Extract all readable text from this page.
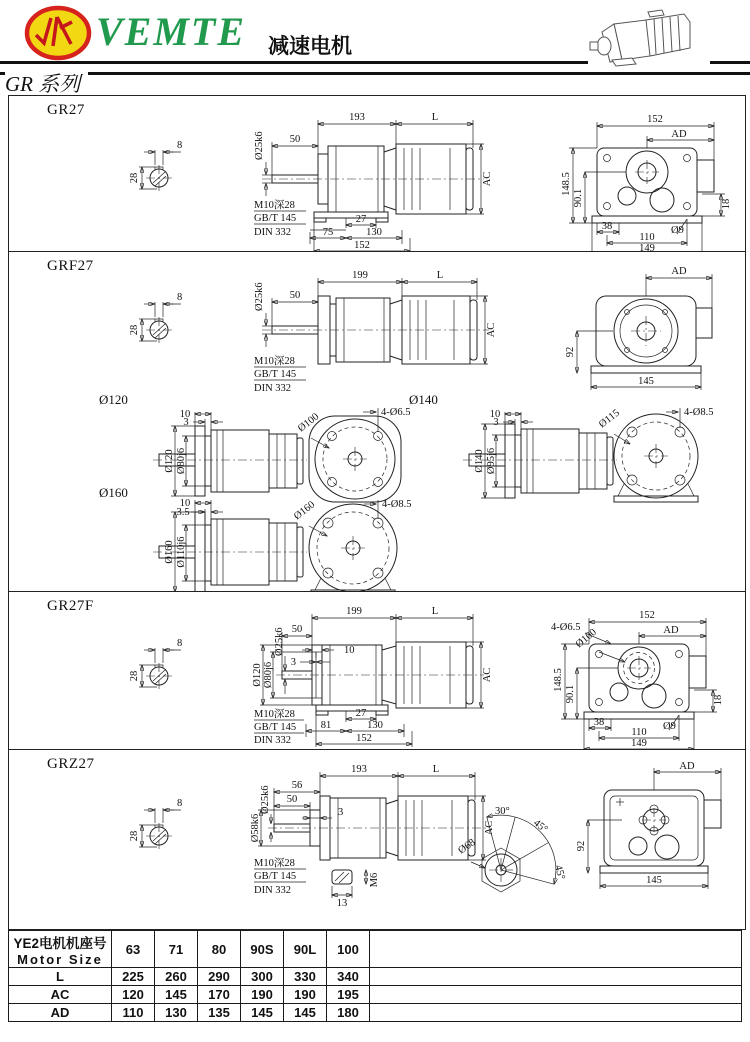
VEMTE 减速电机
GR 系列
GR27
8
28
193	L
50
Ø25k6
AC
27
75	130
152
M10深28
GB/T 145
DIN 332
152
AD
148.5
90.1	18
38	Ø9
110
149
GRF27
8
28
199	L
50
Ø25k6
AC
M10深28
GB/T 145
DIN 332
AD
92
145
Ø120
10
3
Ø120 Ø80j6
Ø100	4-Ø6.5
Ø140
10
3
Ø140 Ø95j6
Ø115	4-Ø8.5
Ø160
10
3.5
Ø160 Ø110j6
Ø160	4-Ø8.5
GR27F
8
28
199	L
50
10
3
Ø120 Ø80j6
Ø25k6
AC
27
81	130
152
M10深28
GB/T 145
DIN 332
4-Ø6.5
Ø100
152
AD
148.5
90.1	18
38	Ø9
110
149
GRZ27
8
28
193	L
56
50
3
Ø58k6
Ø25k6
AC
M10深28
GB/T 145
DIN 332
13
M6
Ø68
30°
45°
45°
AD
92
145
YE2电机机座号
Motor Size	63	71	80	90S	90L	100	
L	225	260	290	300	330	340	
AC	120	145	170	190	190	195	
AD	110	130	135	145	145	180	
